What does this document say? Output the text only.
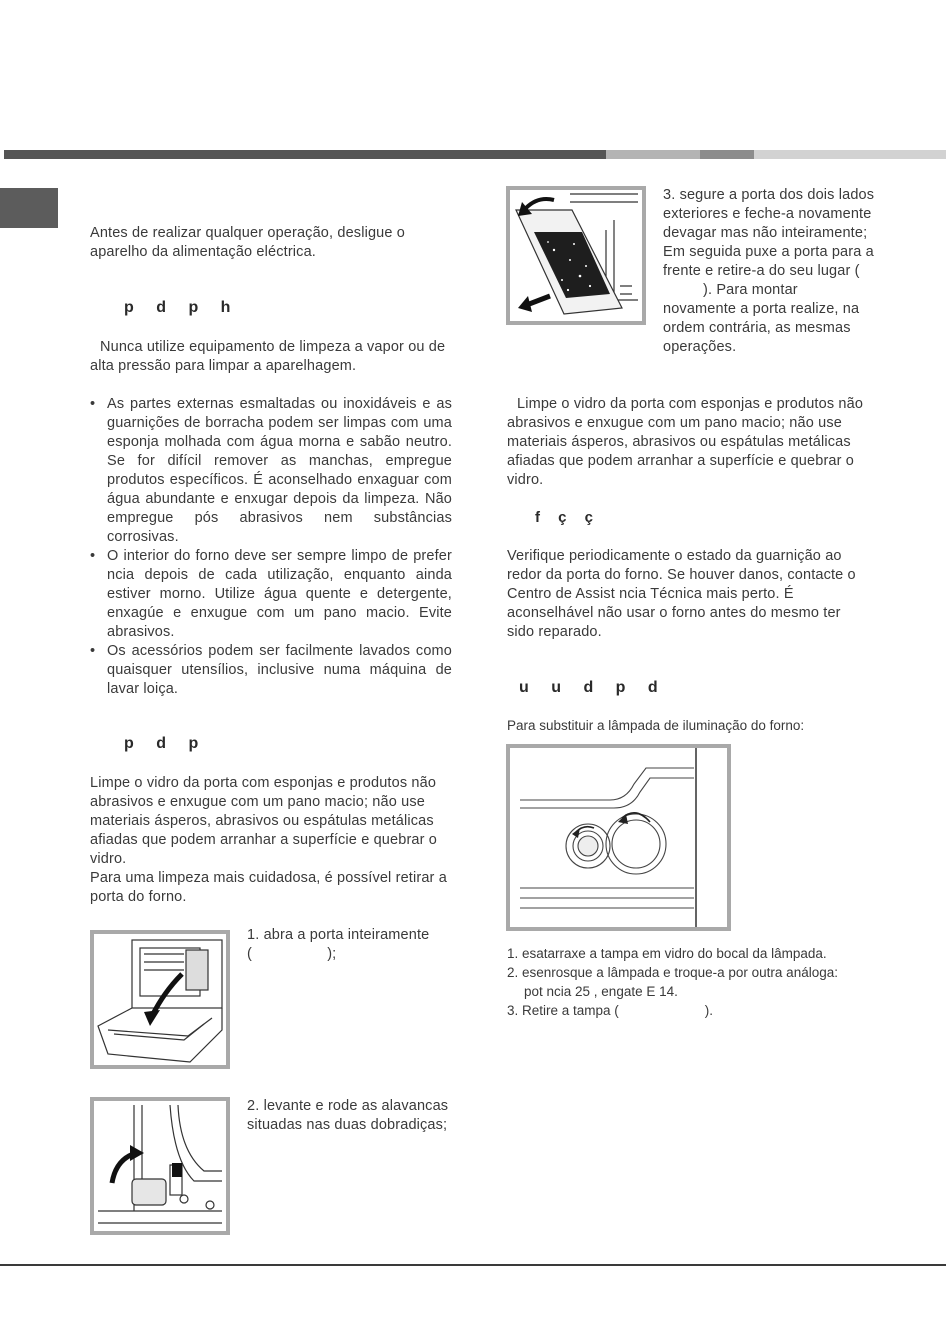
Antes de realizar qualquer operação, desligue o aparelho da alimentação eléctrica.
p d p h
Nunca utilize equipamento de limpeza a vapor ou de alta pressão para limpar a aparelhagem.
• As partes externas esmaltadas ou inoxidáveis e as guarnições de borracha podem ser limpas com uma esponja molhada com água morna e sabão neutro. Se for difícil remover as manchas, empregue produtos específicos. É aconselhado enxaguar com água abundante e enxugar depois da limpeza. Não empregue pós abrasivos nem substâncias corrosivas.
• O interior do forno deve ser sempre limpo de prefer ncia depois de cada utilização, enquanto ainda estiver morno. Utilize água quente e detergente, enxagúe e enxugue com um pano macio. Evite abrasivos.
• Os acessórios podem ser facilmente lavados como quaisquer utensílios, inclusive numa máquina de lavar loiça.
p d p
Limpe o vidro da porta com esponjas e produtos não abrasivos e enxugue com um pano macio; não use materiais ásperos, abrasivos ou espátulas metálicas afiadas que podem arranhar a superfície e quebrar o vidro.
Para uma limpeza mais cuidadosa, é possível retirar a porta do forno.
1. abra a porta inteiramente
(                  );
2. levante e rode as alavancas situadas nas duas dobradiças;
3. segure a porta dos dois lados exteriores e feche-a novamente devagar mas não inteiramente; Em seguida puxe a porta para a frente e retire-a do seu lugar (
). Para montar novamente a porta realize, na ordem contrária, as mesmas operações.
Limpe o vidro da porta com esponjas e produtos não abrasivos e enxugue com um pano macio; não use materiais ásperos, abrasivos ou espátulas metálicas afiadas que podem arranhar a superfície e quebrar o vidro.
f ç ç
Verifique periodicamente o estado da guarnição ao redor da porta do forno. Se houver danos, contacte o Centro de Assist ncia Técnica mais perto. É aconselhável não usar o forno antes do mesmo ter sido reparado.
u u d p d
Para substituir a lâmpada de iluminação do forno:
1. esatarraxe a tampa em vidro do bocal da lâmpada.
2. esenrosque a lâmpada e troque-a por outra análoga:
pot ncia 25 , engate E 14.
3. Retire a tampa (	).
